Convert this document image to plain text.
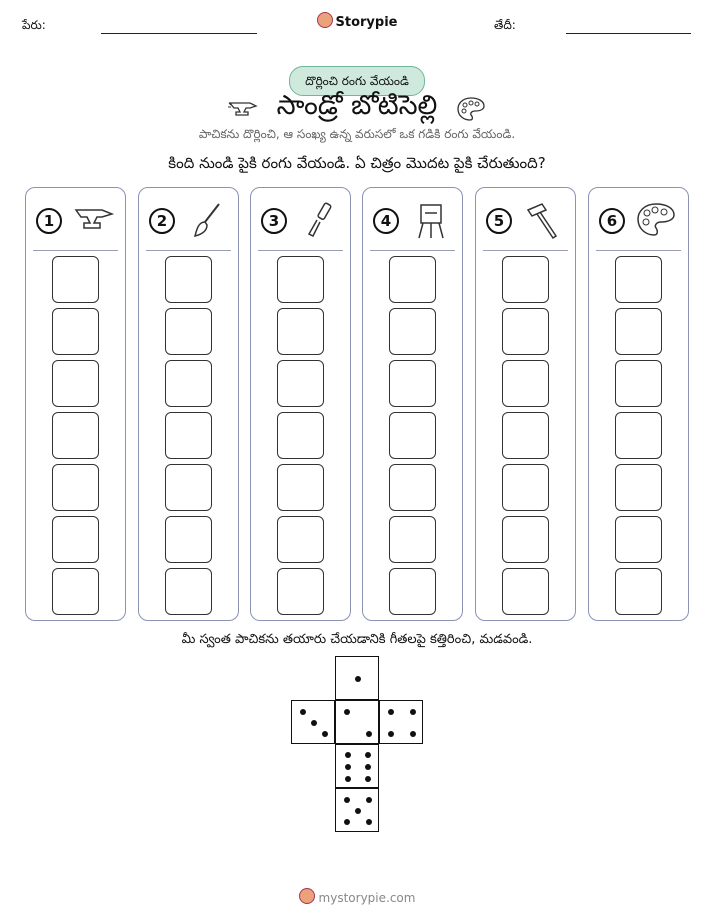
పేరు:	Storypie	తేదీ:
దొర్లించి రంగు వేయండి
సాండ్రో బోటిసెల్లి
పాచికను దొర్లించి, ఆ సంఖ్య ఉన్న వరుసలో ఒక గడికి రంగు వేయండి.
కింది నుండి పైకి రంగు వేయండి. ఏ చిత్రం మొదట పైకి చేరుతుంది?
1	2	3	4	5	6
మీ స్వంత పాచికను తయారు చేయడానికి గీతలపై కత్తిరించి, మడవండి.
mystorypie.com
